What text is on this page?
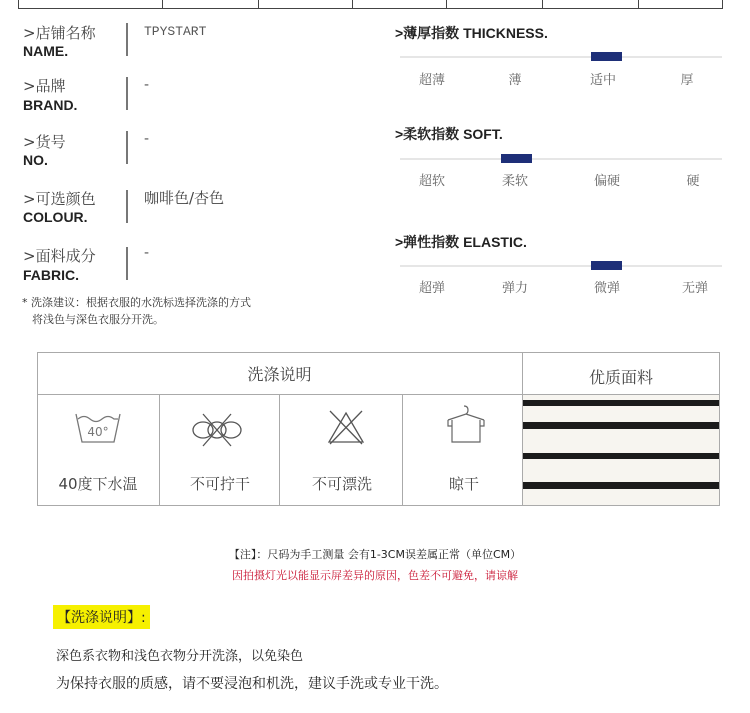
>店铺名称
NAME.
TPYSTART
>品牌
BRAND.
-
>货号
NO.
-
>可选颜色
COLOUR.
咖啡色/杏色
>面料成分
FABRIC.
-
>薄厚指数 THICKNESS.
超薄	薄	适中	厚
>柔软指数 SOFT.
超软	柔软	偏硬	硬
>弹性指数 ELASTIC.
超弹	弹力	微弹	无弹
* 洗涤建议：根据衣服的水洗标选择洗涤的方式
将浅色与深色衣服分开洗。
洗涤说明	优质面料
40°
40度下水温	不可拧干	不可漂洗	晾干
【注】：尺码为手工测量 会有1-3CM误差属正常（单位CM）
因拍摄灯光以能显示屏差异的原因，色差不可避免，请谅解
【洗涤说明】:
深色系衣物和浅色衣物分开洗涤，以免染色
为保持衣服的质感，请不要浸泡和机洗，建议手洗或专业干洗。
